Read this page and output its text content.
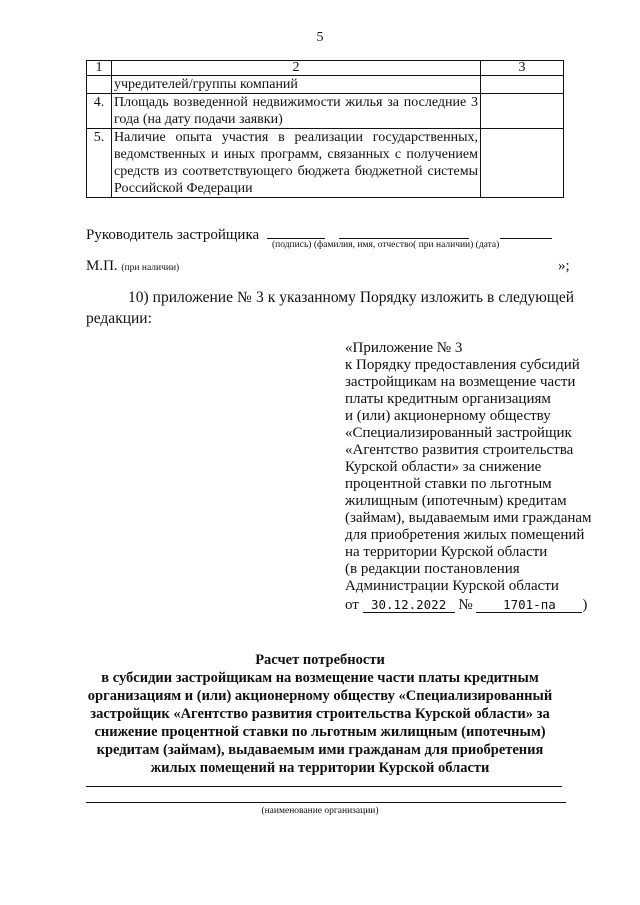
5
1	2	3
	учредителей/группы компаний	
4.	Площадь возведенной недвижимости жилья за последние 3 года (на дату подачи заявки)	
5.	Наличие опыта участия в реализации государственных, ведомственных и иных программ, связанных с получением средств из соответствующего бюджета бюджетной системы Российской Федерации	
Руководитель застройщика
(подпись) (фамилия, имя, отчество( при наличии) (дата)
М.П. (при наличии)	»;
10) приложение № 3 к указанному Порядку изложить в следующей редакции:
«Приложение № 3
к Порядку предоставления субсидий
застройщикам на возмещение части
платы кредитным организациям
и (или) акционерному обществу
«Специализированный застройщик
«Агентство развития строительства
Курской области» за снижение
процентной ставки по льготным
жилищным (ипотечным) кредитам
(займам), выдаваемым ими гражданам
для приобретения жилых помещений
на территории Курской области
(в редакции постановления
Администрации Курской области
от 30.12.2022 № 1701-па )
Расчет потребности
в субсидии застройщикам на возмещение части платы кредитным
организациям и (или) акционерному обществу «Специализированный
застройщик «Агентство развития строительства Курской области» за
снижение процентной ставки по льготным жилищным (ипотечным)
кредитам (займам), выдаваемым ими гражданам для приобретения
жилых помещений на территории Курской области
(наименование организации)
